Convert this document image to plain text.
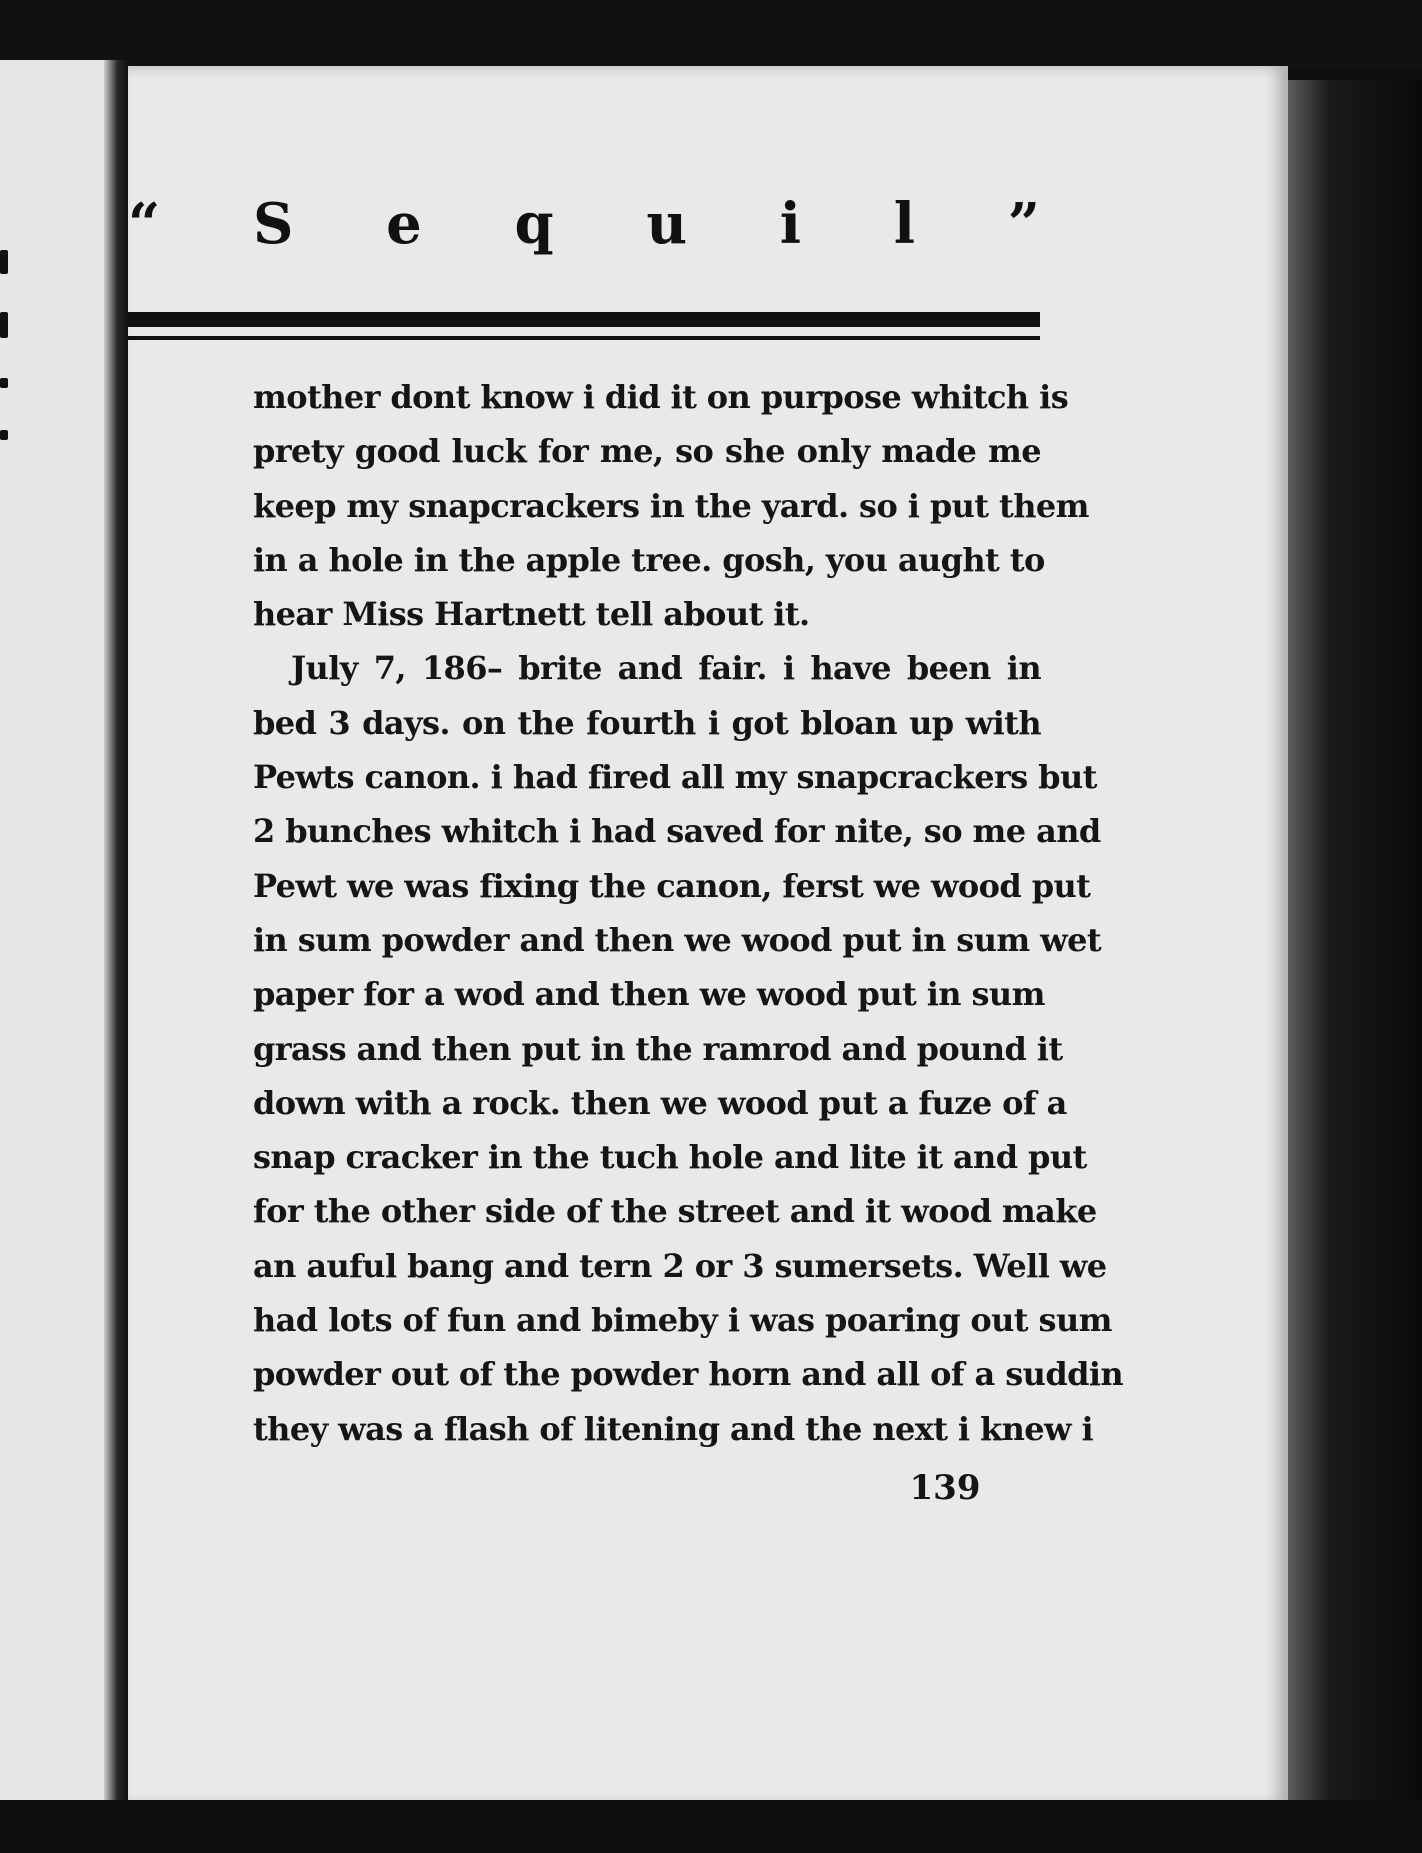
“ S e q u i l ”
mother dont know i did it on purpose whitch is
prety good luck for me, so she only made me
keep my snapcrackers in the yard. so i put them
in a hole in the apple tree. gosh, you aught to
hear Miss Hartnett tell about it.
July 7, 186– brite and fair. i have been in
bed 3 days. on the fourth i got bloan up with
Pewts canon. i had fired all my snapcrackers but
2 bunches whitch i had saved for nite, so me and
Pewt we was fixing the canon, ferst we wood put
in sum powder and then we wood put in sum wet
paper for a wod and then we wood put in sum
grass and then put in the ramrod and pound it
down with a rock. then we wood put a fuze of a
snap cracker in the tuch hole and lite it and put
for the other side of the street and it wood make
an auful bang and tern 2 or 3 sumersets. Well we
had lots of fun and bimeby i was poaring out sum
powder out of the powder horn and all of a suddin
they was a flash of litening and the next i knew i
139
